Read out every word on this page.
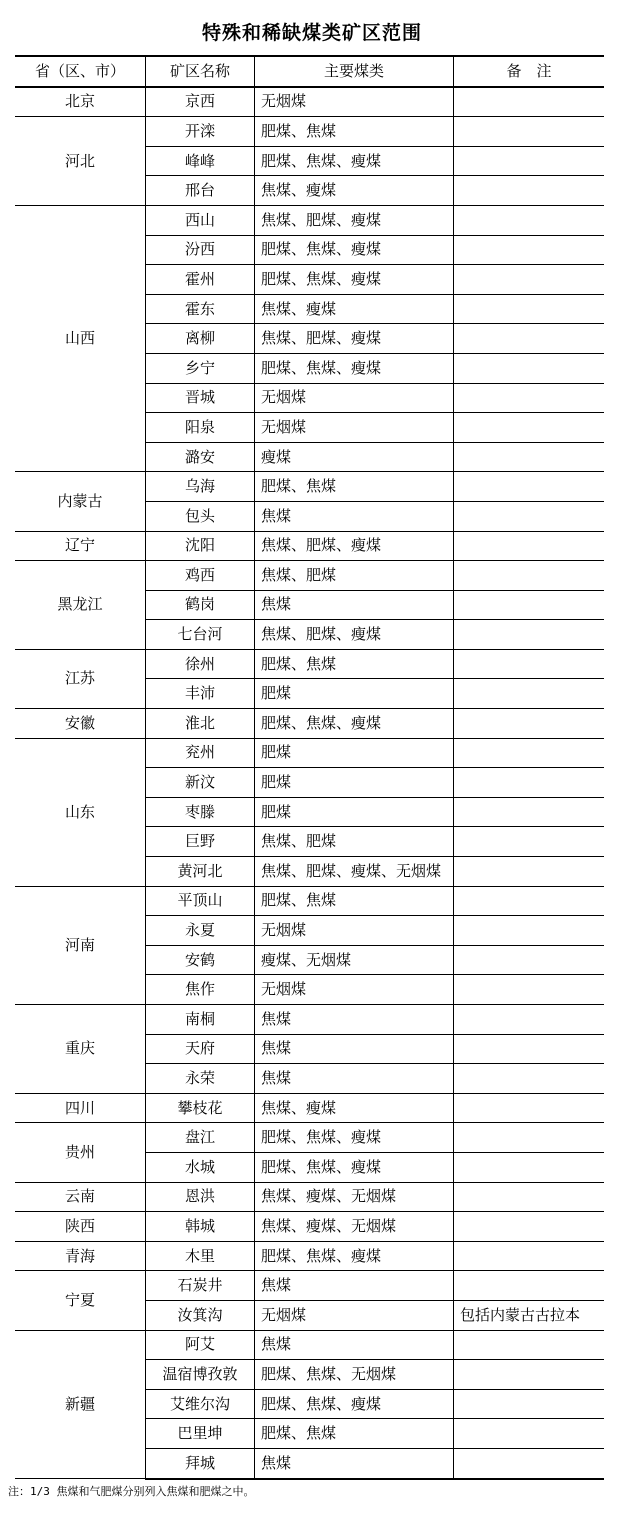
特殊和稀缺煤类矿区范围
省（区、市）	矿区名称	主要煤类	备　注
北京	京西	无烟煤	
河北	开滦	肥煤、焦煤	
	峰峰	肥煤、焦煤、瘦煤	
	邢台	焦煤、瘦煤	
山西	西山	焦煤、肥煤、瘦煤	
	汾西	肥煤、焦煤、瘦煤	
	霍州	肥煤、焦煤、瘦煤	
	霍东	焦煤、瘦煤	
	离柳	焦煤、肥煤、瘦煤	
	乡宁	肥煤、焦煤、瘦煤	
	晋城	无烟煤	
	阳泉	无烟煤	
	潞安	瘦煤	
内蒙古	乌海	肥煤、焦煤	
	包头	焦煤	
辽宁	沈阳	焦煤、肥煤、瘦煤	
黑龙江	鸡西	焦煤、肥煤	
	鹤岗	焦煤	
	七台河	焦煤、肥煤、瘦煤	
江苏	徐州	肥煤、焦煤	
	丰沛	肥煤	
安徽	淮北	肥煤、焦煤、瘦煤	
山东	兖州	肥煤	
	新汶	肥煤	
	枣滕	肥煤	
	巨野	焦煤、肥煤	
	黄河北	焦煤、肥煤、瘦煤、无烟煤	
河南	平顶山	肥煤、焦煤	
	永夏	无烟煤	
	安鹤	瘦煤、无烟煤	
	焦作	无烟煤	
重庆	南桐	焦煤	
	天府	焦煤	
	永荣	焦煤	
四川	攀枝花	焦煤、瘦煤	
贵州	盘江	肥煤、焦煤、瘦煤	
	水城	肥煤、焦煤、瘦煤	
云南	恩洪	焦煤、瘦煤、无烟煤	
陕西	韩城	焦煤、瘦煤、无烟煤	
青海	木里	肥煤、焦煤、瘦煤	
宁夏	石炭井	焦煤	
	汝箕沟	无烟煤	包括内蒙古古拉本
新疆	阿艾	焦煤	
	温宿博孜敦	肥煤、焦煤、无烟煤	
	艾维尔沟	肥煤、焦煤、瘦煤	
	巴里坤	肥煤、焦煤	
	拜城	焦煤	
注：1/3 焦煤和气肥煤分别列入焦煤和肥煤之中。
